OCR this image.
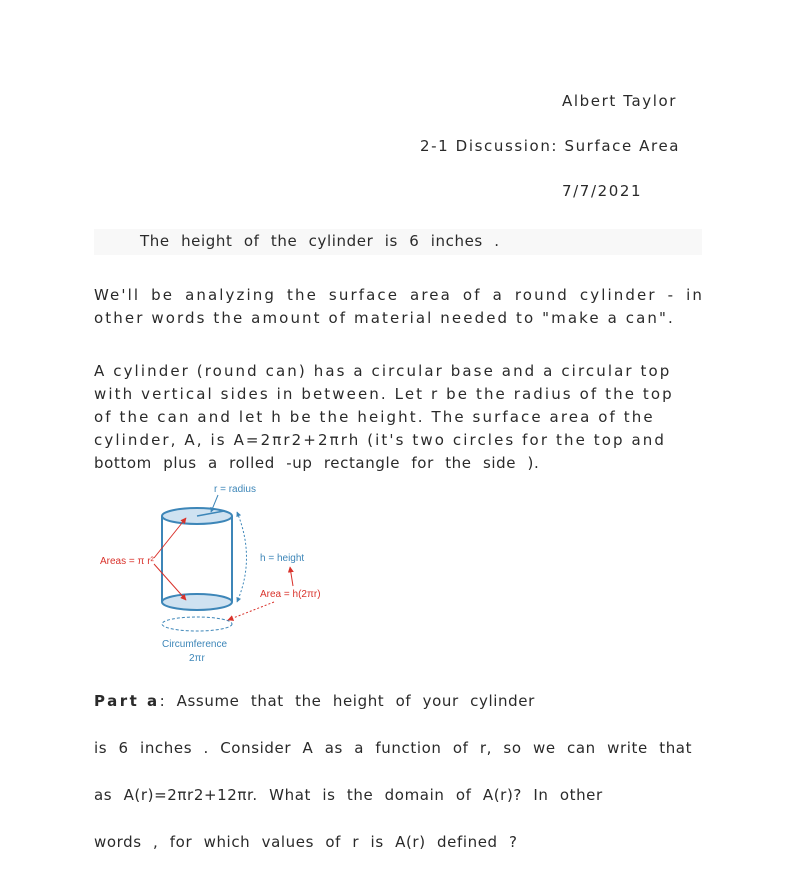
Albert Taylor
2-1 Discussion: Surface Area
7/7/2021
The height of the cylinder is 6 inches .
We'll be analyzing the surface area of a round cylinder - in other words the amount of material needed to "make a can".
A cylinder (round can) has a circular base and a circular top
with vertical sides in between. Let r be the radius of the top
of the can and let h be the height. The surface area of the
cylinder, A, is A=2πr2+2πrh (it's two circles for the top and
bottom plus a rolled -up rectangle for the side ).
r = radius
Areas = π r²	h = height
Area = h(2πr)
Circumference
2πr
Part a: Assume that the height of your cylinder
is 6 inches . Consider A as a function of r, so we can write that
as A(r)=2πr2+12πr. What is the domain of A(r)? In other
words , for which values of r is A(r) defined ?
